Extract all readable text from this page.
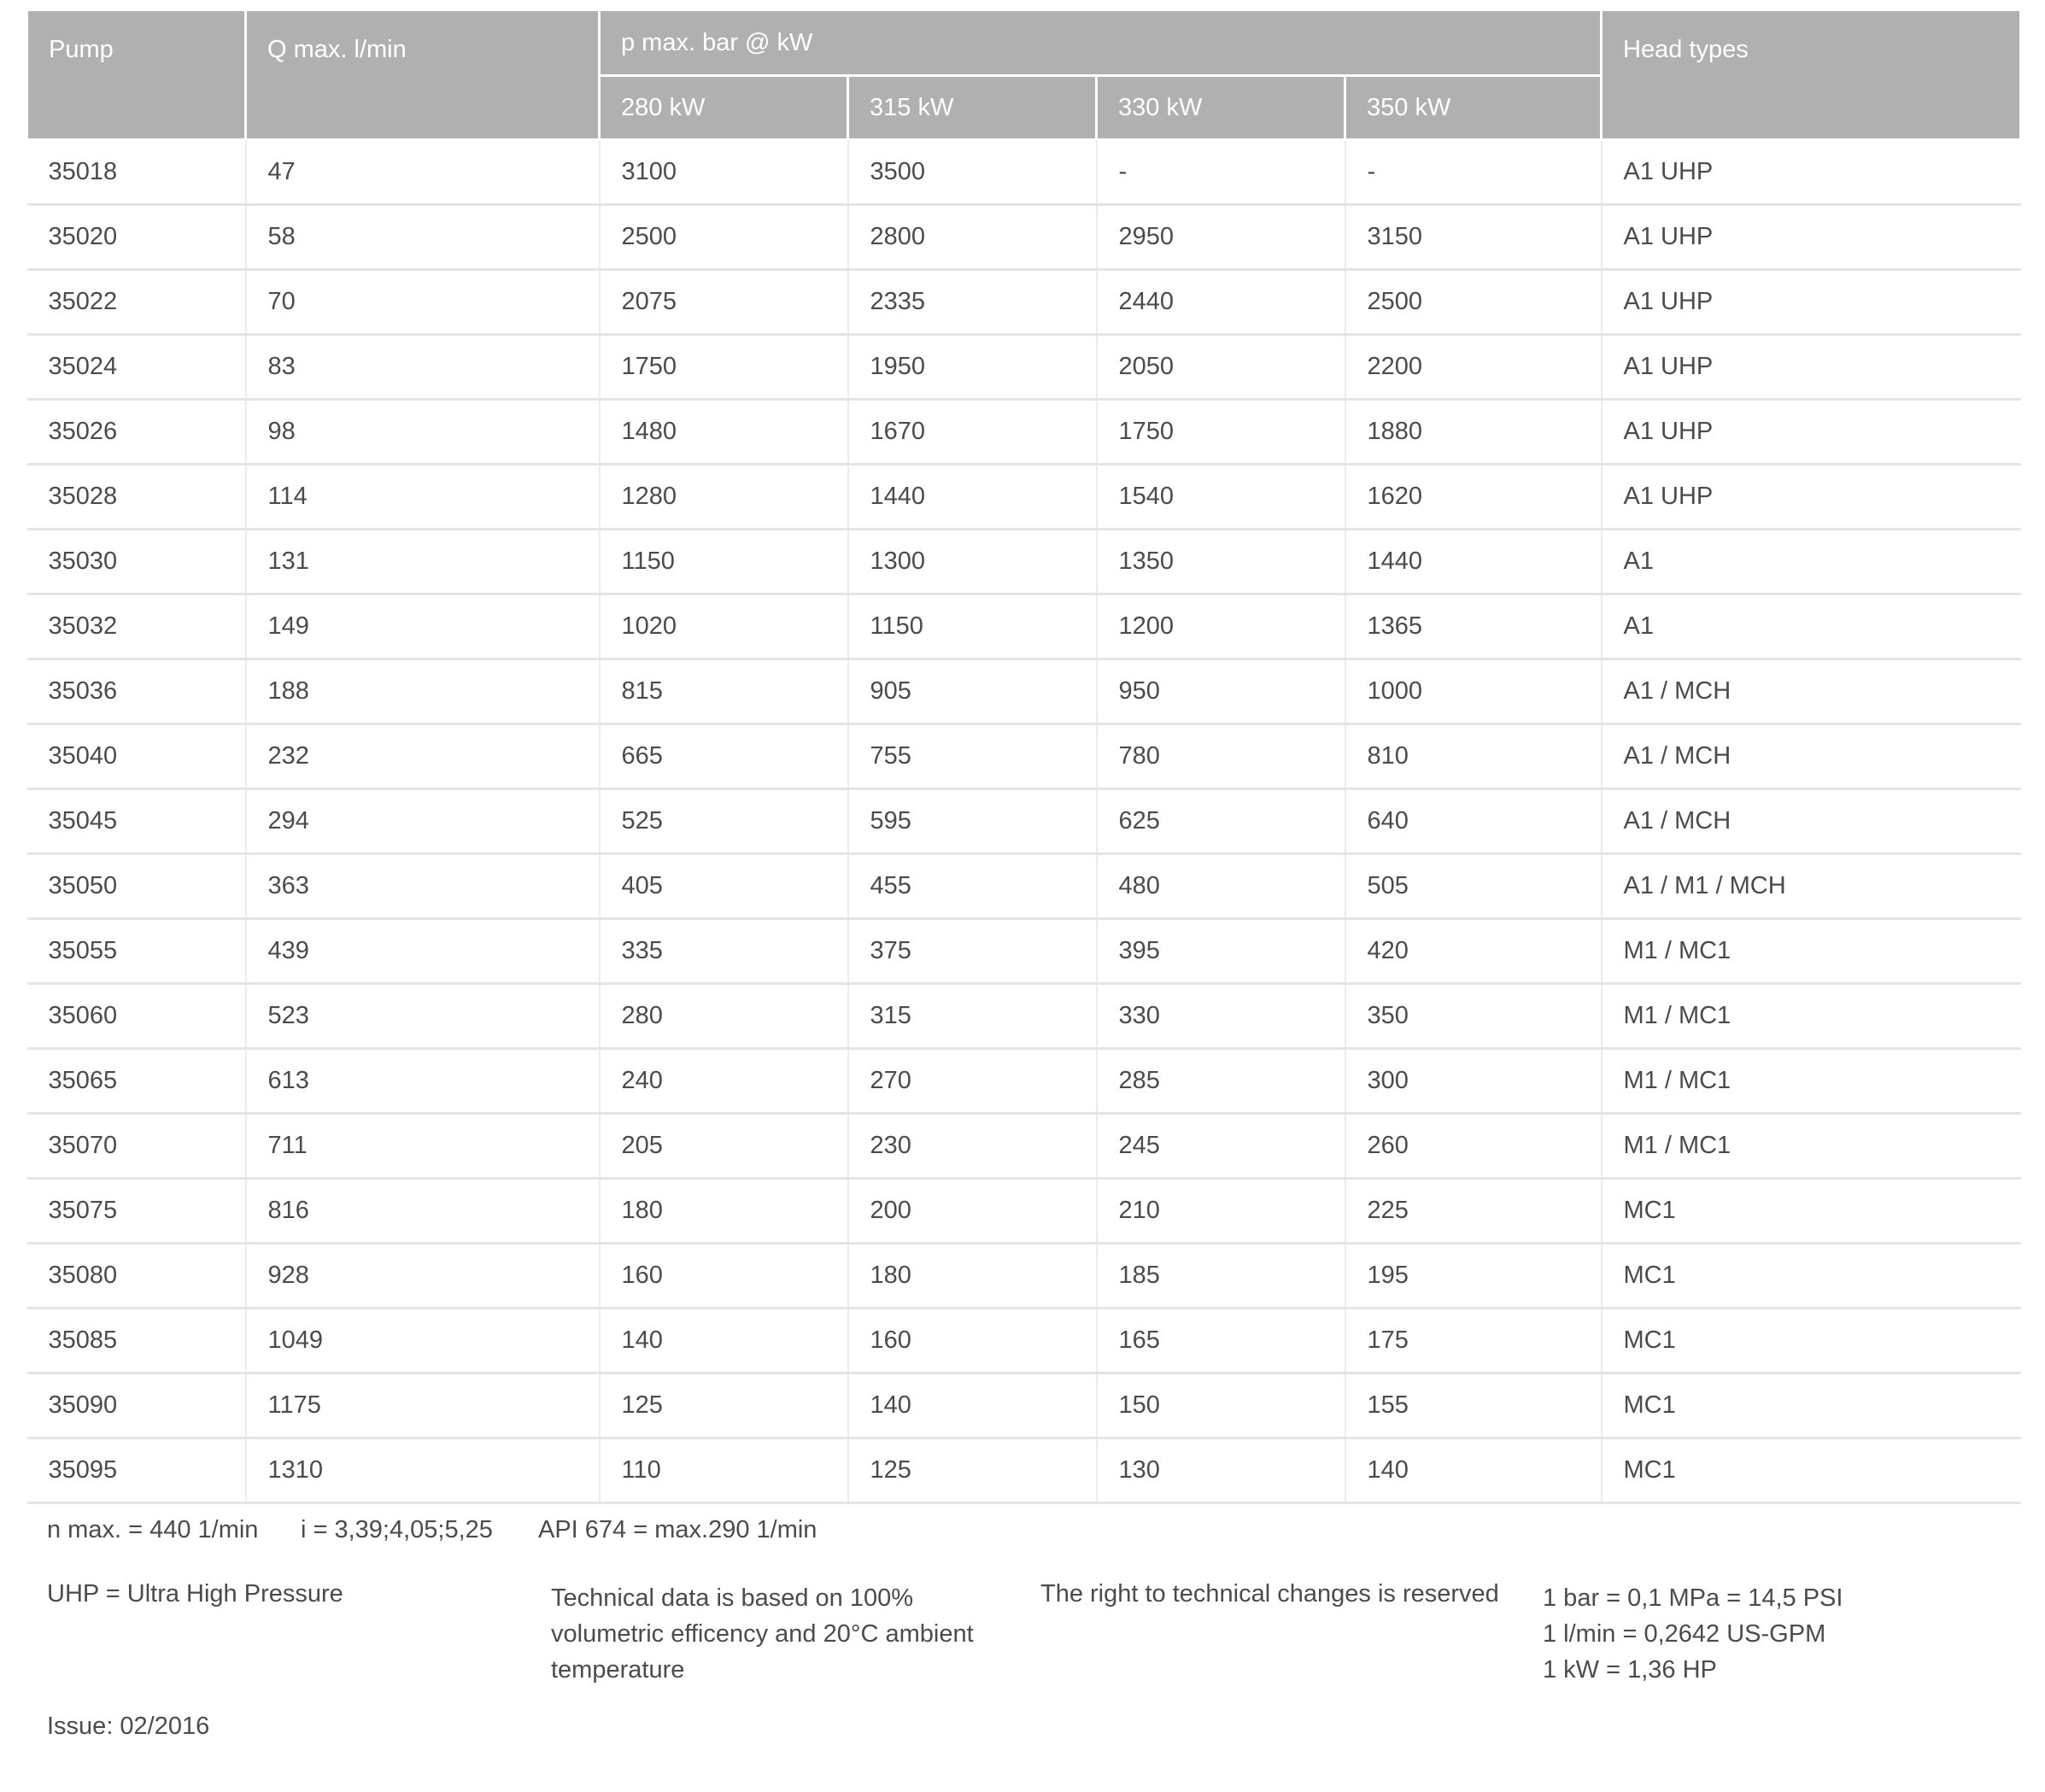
Pump	Q max. l/min	p max. bar @ kW				Head types
		280 kW	315 kW	330 kW	350 kW	
35018	47	3100	3500	-	-	A1 UHP
35020	58	2500	2800	2950	3150	A1 UHP
35022	70	2075	2335	2440	2500	A1 UHP
35024	83	1750	1950	2050	2200	A1 UHP
35026	98	1480	1670	1750	1880	A1 UHP
35028	114	1280	1440	1540	1620	A1 UHP
35030	131	1150	1300	1350	1440	A1
35032	149	1020	1150	1200	1365	A1
35036	188	815	905	950	1000	A1 / MCH
35040	232	665	755	780	810	A1 / MCH
35045	294	525	595	625	640	A1 / MCH
35050	363	405	455	480	505	A1 / M1 / MCH
35055	439	335	375	395	420	M1 / MC1
35060	523	280	315	330	350	M1 / MC1
35065	613	240	270	285	300	M1 / MC1
35070	711	205	230	245	260	M1 / MC1
35075	816	180	200	210	225	MC1
35080	928	160	180	185	195	MC1
35085	1049	140	160	165	175	MC1
35090	1175	125	140	150	155	MC1
35095	1310	110	125	130	140	MC1
n max. = 440 1/min i = 3,39;4,05;5,25 API 674 = max.290 1/min
UHP = Ultra High Pressure	Technical data is based on 100% volumetric efficency and 20°C ambient temperature
The right to technical changes is reserved 1 bar = 0,1 MPa = 14,5 PSI
1 l/min = 0,2642 US-GPM
1 kW = 1,36 HP
Issue: 02/2016
